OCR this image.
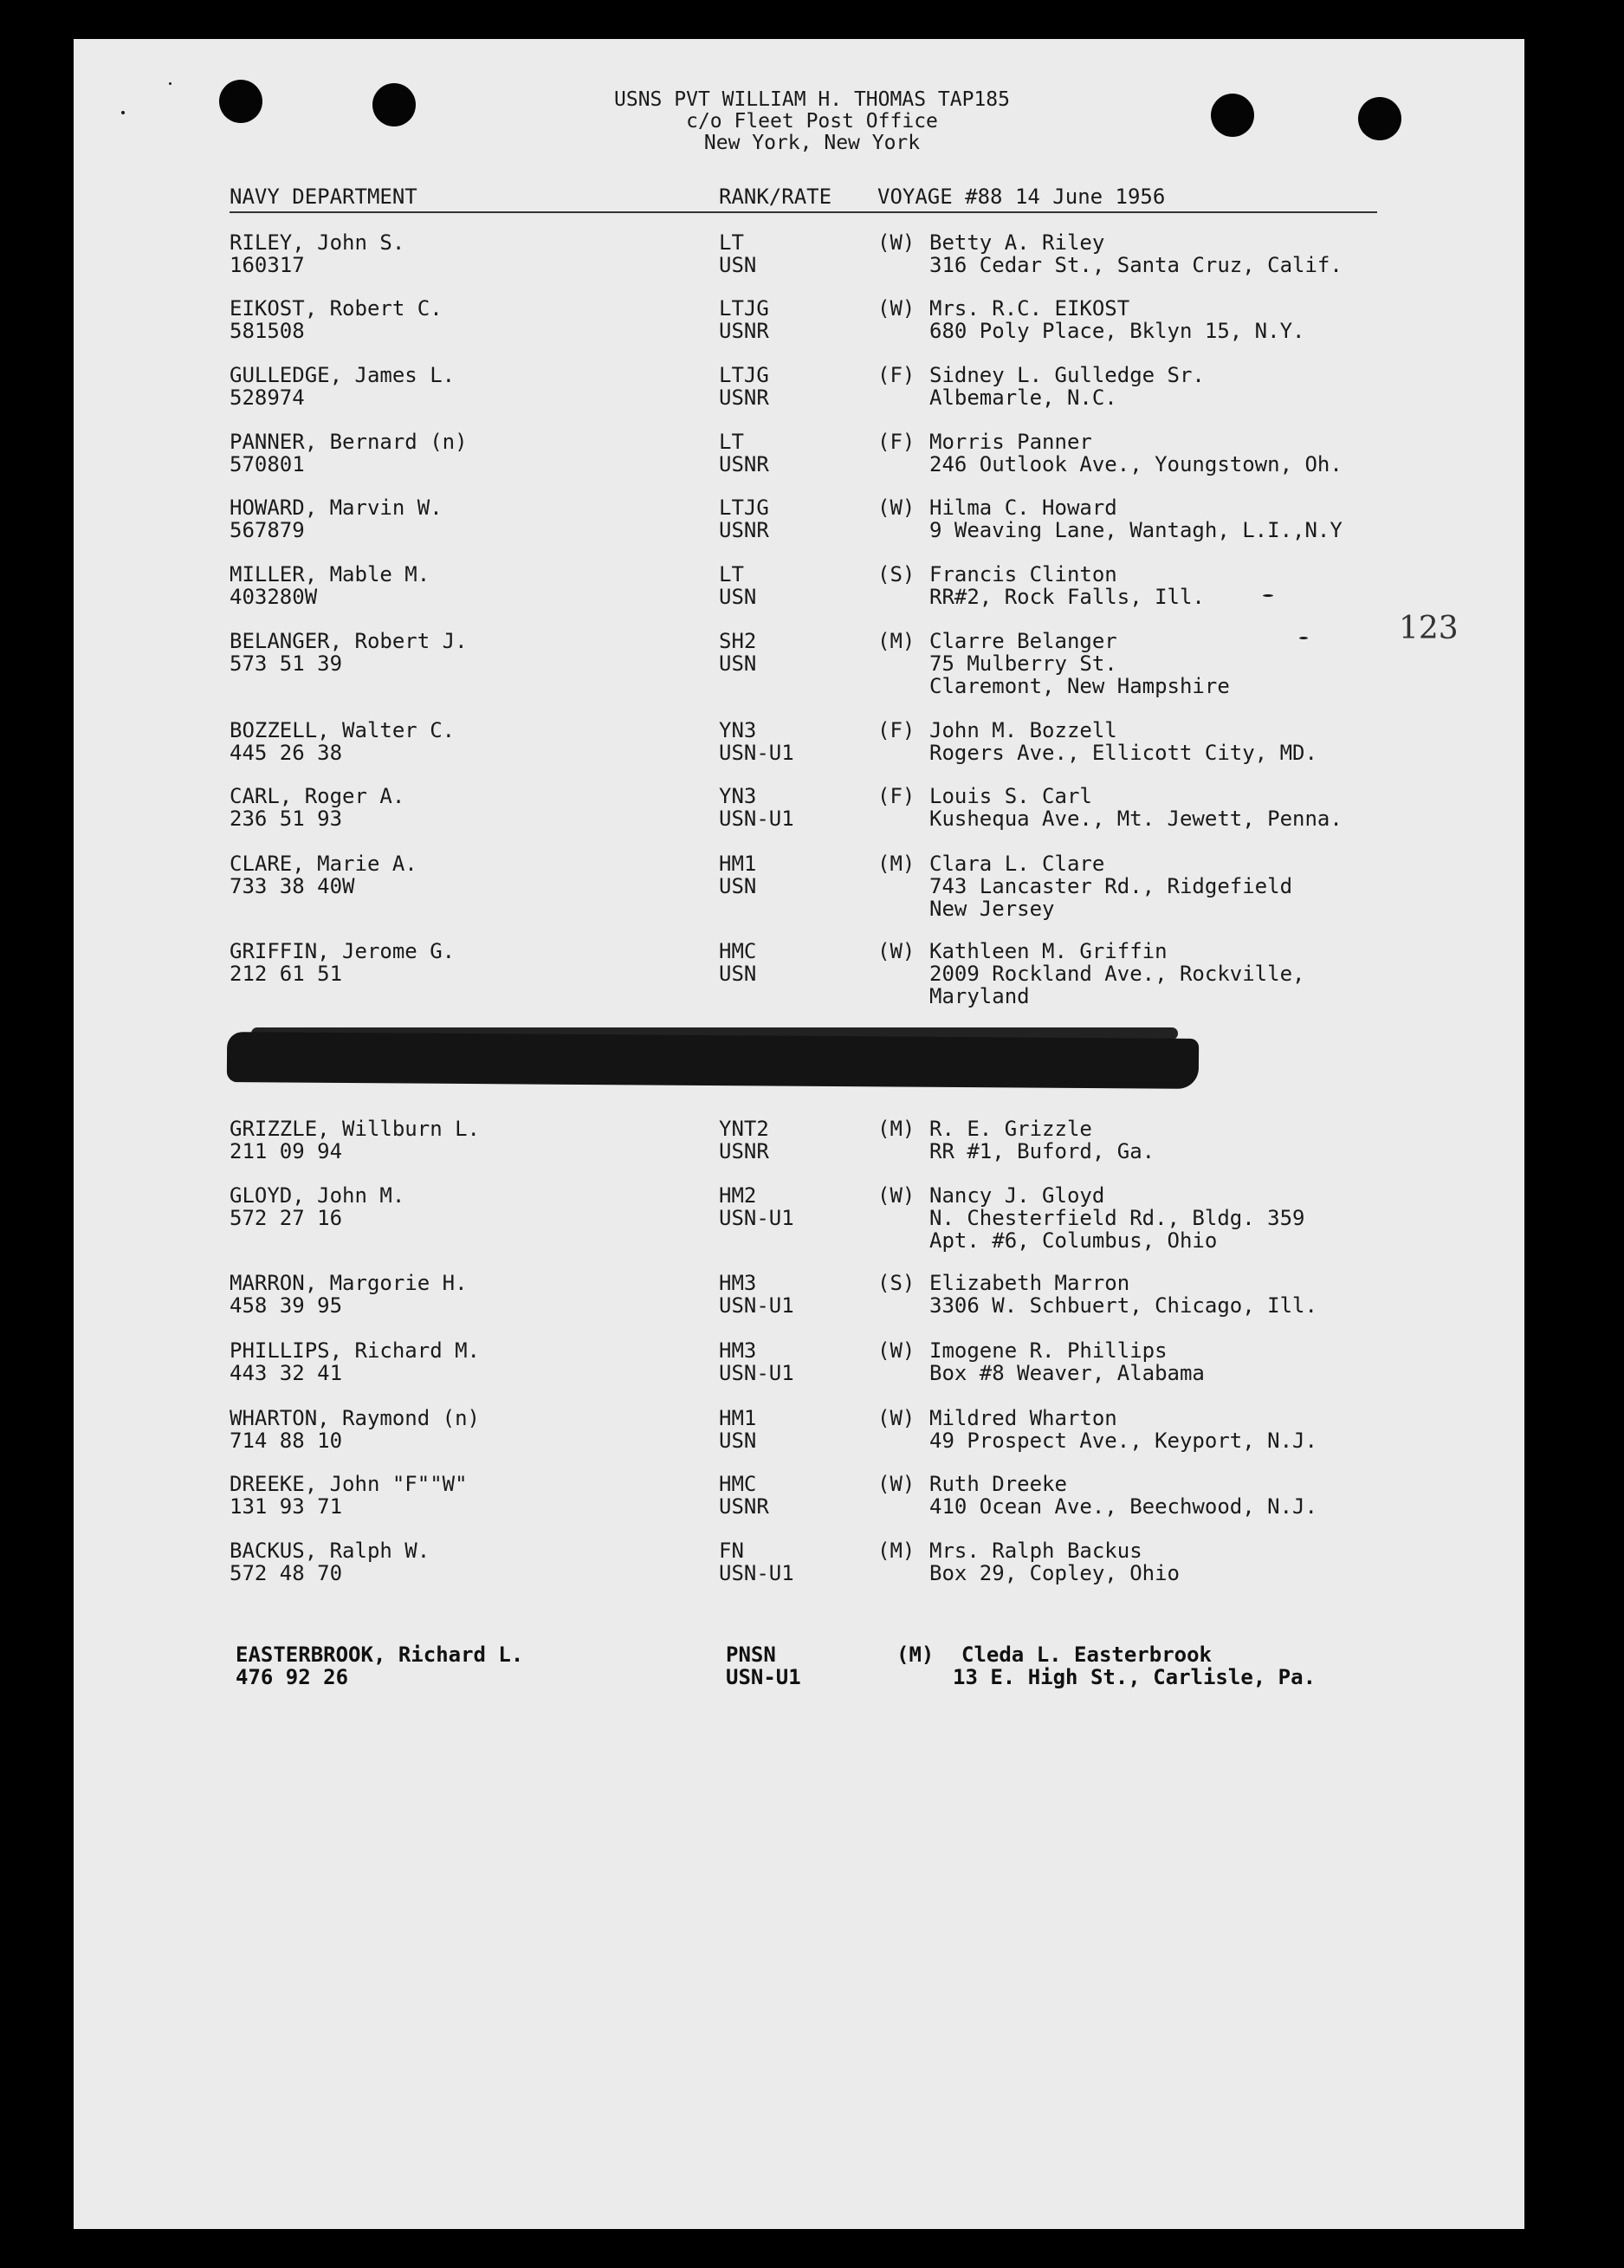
USNS PVT WILLIAM H. THOMAS TAP185
c/o Fleet Post Office
New York, New York
NAVY DEPARTMENT	RANK/RATE VOYAGE #88 14 June 1956
123
RILEY, John S.
160317
LT
USN
(W) Betty A. Riley
316 Cedar St., Santa Cruz, Calif.
EIKOST, Robert C.
581508
LTJG
USNR
(W) Mrs. R.C. EIKOST
680 Poly Place, Bklyn 15, N.Y.
GULLEDGE, James L.
528974
LTJG
USNR
(F) Sidney L. Gulledge Sr.
Albemarle, N.C.
PANNER, Bernard (n)
570801
LT
USNR
(F) Morris Panner
246 Outlook Ave., Youngstown, Oh.
HOWARD, Marvin W.
567879
LTJG
USNR
(W) Hilma C. Howard
9 Weaving Lane, Wantagh, L.I.,N.Y
MILLER, Mable M.
403280W
LT
USN
(S) Francis Clinton
RR#2, Rock Falls, Ill.
BELANGER, Robert J.
573 51 39
SH2
USN
(M) Clarre Belanger
75 Mulberry St.
Claremont, New Hampshire
BOZZELL, Walter C.
445 26 38
YN3
USN-U1
(F) John M. Bozzell
Rogers Ave., Ellicott City, MD.
CARL, Roger A.
236 51 93
YN3
USN-U1
(F) Louis S. Carl
Kushequa Ave., Mt. Jewett, Penna.
CLARE, Marie A.
733 38 40W
HM1
USN
(M) Clara L. Clare
743 Lancaster Rd., Ridgefield
New Jersey
GRIFFIN, Jerome G.
212 61 51
HMC
USN
(W) Kathleen M. Griffin
2009 Rockland Ave., Rockville,
Maryland
GRIZZLE, Willburn L.
211 09 94
YNT2
USNR
(M) R. E. Grizzle
RR #1, Buford, Ga.
GLOYD, John M.
572 27 16
HM2
USN-U1
(W) Nancy J. Gloyd
N. Chesterfield Rd., Bldg. 359
Apt. #6, Columbus, Ohio
MARRON, Margorie H.
458 39 95
HM3
USN-U1
(S) Elizabeth Marron
3306 W. Schbuert, Chicago, Ill.
PHILLIPS, Richard M.
443 32 41
HM3
USN-U1
(W) Imogene R. Phillips
Box #8 Weaver, Alabama
WHARTON, Raymond (n)
714 88 10
HM1
USN
(W) Mildred Wharton
49 Prospect Ave., Keyport, N.J.
DREEKE, John "F""W"
131 93 71
HMC
USNR
(W) Ruth Dreeke
410 Ocean Ave., Beechwood, N.J.
BACKUS, Ralph W.
572 48 70
FN
USN-U1
(M) Mrs. Ralph Backus
Box 29, Copley, Ohio
EASTERBROOK, Richard L.
476 92 26
PNSN
USN-U1
(M) Cleda L. Easterbrook
13 E. High St., Carlisle, Pa.
